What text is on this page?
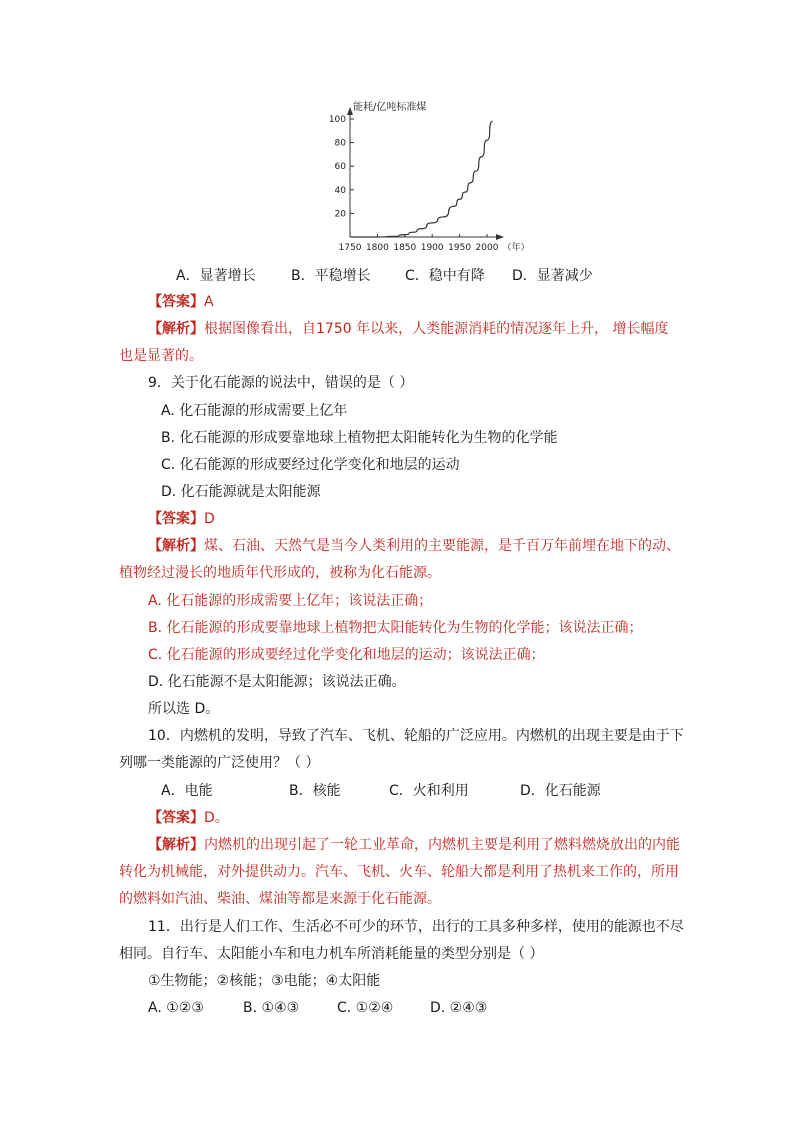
20
40
60
80
100
1750 1800 1850 1900 1950 2000 （年）
能耗/亿吨标准煤
A．显著增长	B．平稳增长 C．稳中有降 D．显著减少
【答案】A
【解析】根据图像看出，自1750 年以来，人类能源消耗的情况逐年上升， 增长幅度
也是显著的。
9．关于化石能源的说法中，错误的是（ ）
A. 化石能源的形成需要上亿年
B. 化石能源的形成要靠地球上植物把太阳能转化为生物的化学能
C. 化石能源的形成要经过化学变化和地层的运动
D. 化石能源就是太阳能源
【答案】D
【解析】煤、石油、天然气是当今人类利用的主要能源，是千百万年前埋在地下的动、
植物经过漫长的地质年代形成的，被称为化石能源。
A. 化石能源的形成需要上亿年；该说法正确；
B. 化石能源的形成要靠地球上植物把太阳能转化为生物的化学能；该说法正确；
C. 化石能源的形成要经过化学变化和地层的运动；该说法正确；
D. 化石能源不是太阳能源；该说法正确。
所以选 D。
10．内燃机的发明，导致了汽车、飞机、轮船的广泛应用。内燃机的出现主要是由于下
列哪一类能源的广泛使用？（ ）
A．电能	B．核能	C．火和利用	D．化石能源
【答案】D。
【解析】内燃机的出现引起了一轮工业革命，内燃机主要是利用了燃料燃烧放出的内能
转化为机械能，对外提供动力。汽车、飞机、火车、轮船大都是利用了热机来工作的，所用
的燃料如汽油、柴油、煤油等都是来源于化石能源。
11．出行是人们工作、生活必不可少的环节，出行的工具多种多样，使用的能源也不尽
相同。自行车、太阳能小车和电力机车所消耗能量的类型分别是（ ）
①生物能；②核能；③电能；④太阳能
A. ①②③	B. ①④③	C. ①②④	D. ②④③
